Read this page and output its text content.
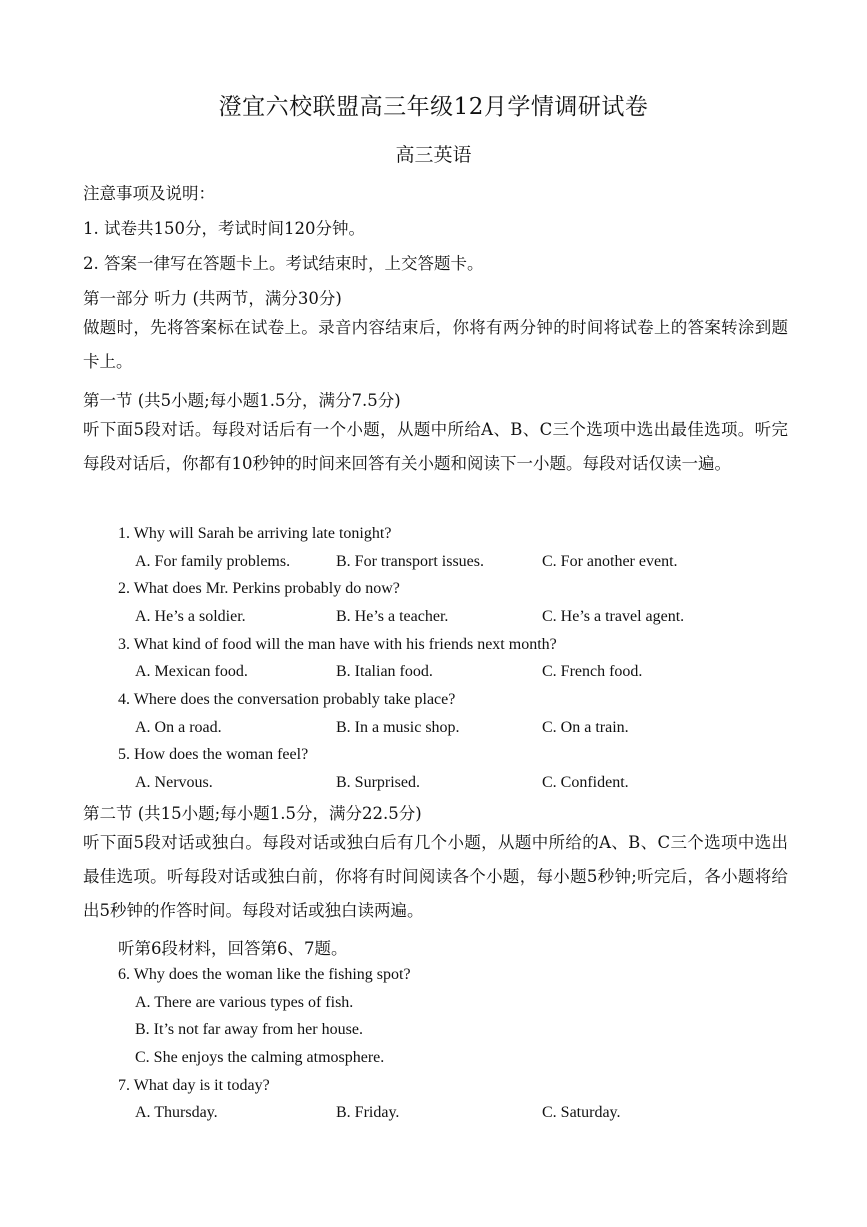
澄宜六校联盟高三年级12月学情调研试卷
高三英语
注意事项及说明：
1. 试卷共150分，考试时间120分钟。
2. 答案一律写在答题卡上。考试结束时，上交答题卡。
第一部分 听力 (共两节，满分30分)
做题时，先将答案标在试卷上。录音内容结束后，你将有两分钟的时间将试卷上的答案转涂到题卡上。
第一节 (共5小题;每小题1.5分，满分7.5分)
听下面5段对话。每段对话后有一个小题，从题中所给A、B、C三个选项中选出最佳选项。听完每段对话后，你都有10秒钟的时间来回答有关小题和阅读下一小题。每段对话仅读一遍。
1. Why will Sarah be arriving late tonight?
A. For family problems.	B. For transport issues.	C. For another event.
2. What does Mr. Perkins probably do now?
A. He’s a soldier.	B. He’s a teacher.	C. He’s a travel agent.
3. What kind of food will the man have with his friends next month?
A. Mexican food.	B. Italian food.	C. French food.
4. Where does the conversation probably take place?
A. On a road.	B. In a music shop.	C. On a train.
5. How does the woman feel?
A. Nervous.	B. Surprised.	C. Confident.
第二节 (共15小题;每小题1.5分，满分22.5分)
听下面5段对话或独白。每段对话或独白后有几个小题，从题中所给的A、B、C三个选项中选出最佳选项。听每段对话或独白前，你将有时间阅读各个小题，每小题5秒钟;听完后，各小题将给出5秒钟的作答时间。每段对话或独白读两遍。
听第6段材料，回答第6、7题。
6. Why does the woman like the fishing spot?
A. There are various types of fish.
B. It’s not far away from her house.
C. She enjoys the calming atmosphere.
7. What day is it today?
A. Thursday.	B. Friday.	C. Saturday.
